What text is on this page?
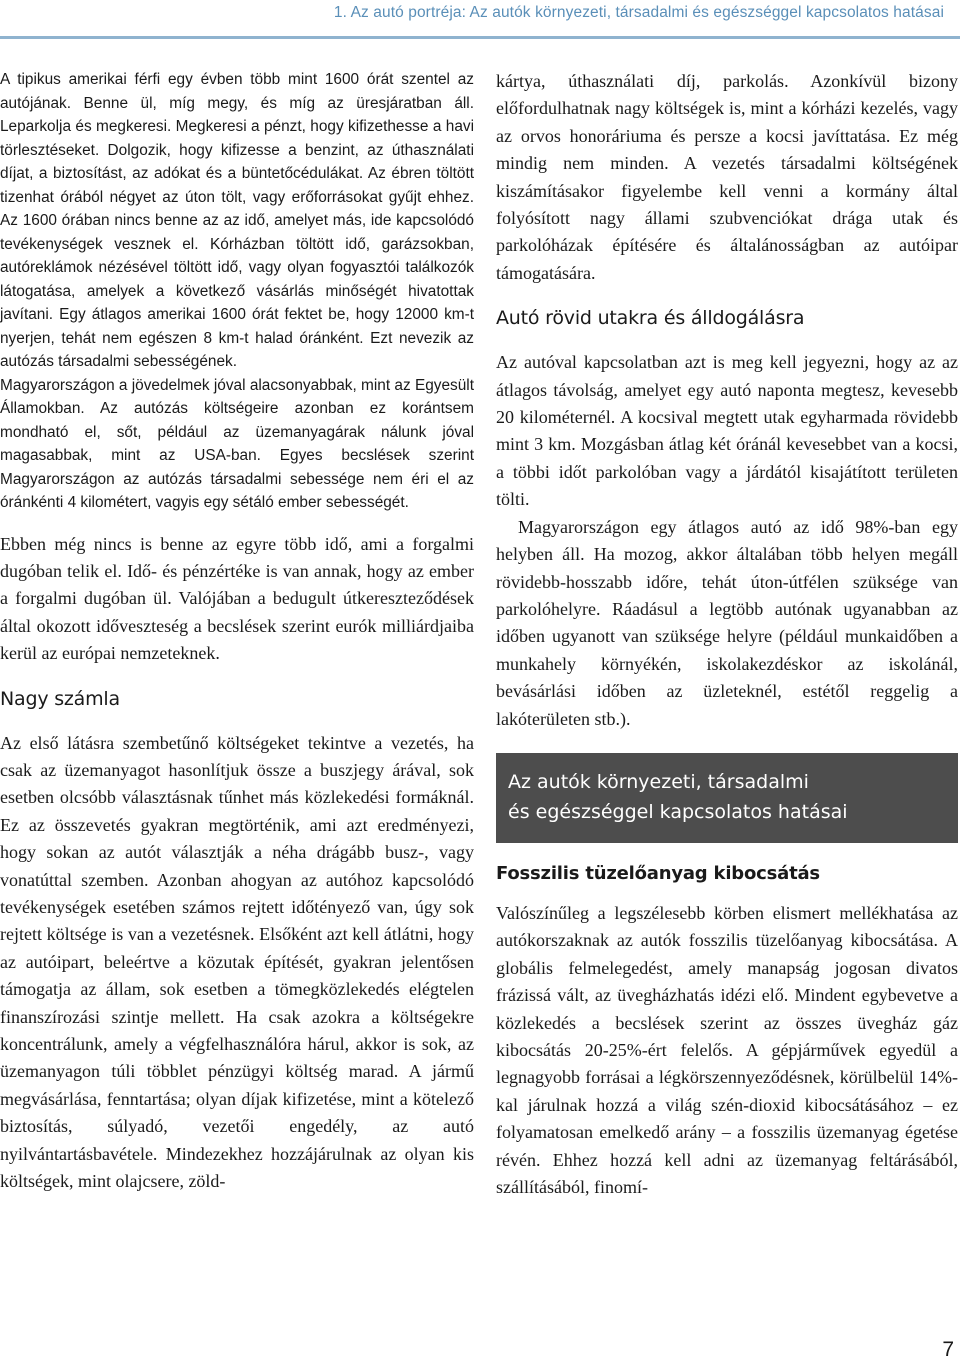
1. Az autó portréja: Az autók környezeti, társadalmi és egészséggel kapcsolatos hatásai

A tipikus amerikai férfi egy évben több mint 1600 órát szentel az autójának. Benne ül, míg megy, és míg az üresjáratban áll. Leparkolja és megkeresi. Megkeresi a pénzt, hogy kifizethesse a havi törlesztéseket. Dolgozik, hogy kifizesse a benzint, az úthasználati díjat, a biztosítást, az adókat és a büntetőcédulákat. Az ébren töltött tizenhat órából négyet az úton tölt, vagy erőforrásokat gyűjt ehhez. Az 1600 órában nincs benne az az idő, amelyet más, ide kapcsolódó tevékenységek vesznek el. Kórházban töltött idő, garázsokban, autóreklámok nézésével töltött idő, vagy olyan fogyasztói találkozók látogatása, amelyek a következő vásárlás minőségét hivatottak javítani. Egy átlagos amerikai 1600 órát fektet be, hogy 12000 km-t nyerjen, tehát nem egészen 8 km-t halad óránként. Ezt nevezik az autózás társadalmi sebességének.

Magyarországon a jövedelmek jóval alacsonyabbak, mint az Egyesült Államokban. Az autózás költségeire azonban ez korántsem mondható el, sőt, például az üzemanyagárak nálunk jóval magasabbak, mint az USA-ban. Egyes becslések szerint Magyarországon az autózás társadalmi sebessége nem éri el az óránkénti 4 kilométert, vagyis egy sétáló ember sebességét.

Ebben még nincs is benne az egyre több idő, ami a forgalmi dugóban telik el. Idő- és pénzértéke is van annak, hogy az ember a forgalmi dugóban ül. Valójában a bedugult útkereszteződések által okozott időveszteség a becslések szerint eurók milliárdjaiba kerül az európai nemzeteknek.

Nagy számla

Az első látásra szembetűnő költségeket tekintve a vezetés, ha csak az üzemanyagot hasonlítjuk össze a buszjegy árával, sok esetben olcsóbb választásnak tűnhet más közlekedési formáknál. Ez az összevetés gyakran megtörténik, ami azt eredményezi, hogy sokan az autót választják a néha drágább busz-, vagy vonatúttal szemben. Azonban ahogyan az autóhoz kapcsolódó tevékenységek esetében számos rejtett időtényező van, úgy sok rejtett költsége is van a vezetésnek. Elsőként azt kell átlátni, hogy az autóipart, beleértve a közutak építését, gyakran jelentősen támogatja az állam, sok esetben a tömegközlekedés elégtelen finanszírozási szintje mellett. Ha csak azokra a költségekre koncentrálunk, amely a végfelhasználóra hárul, akkor is sok, az üzemanyagon túli többlet pénzügyi költség marad. A jármű megvásárlása, fenntartása; olyan díjak kifizetése, mint a kötelező biztosítás, súlyadó, vezetői engedély, az autó nyilvántartásbavétele. Mindezekhez hozzájárulnak az olyan kis költségek, mint olajcsere, zöld-

kártya, úthasználati díj, parkolás. Azonkívül bizony előfordulhatnak nagy költségek is, mint a kórházi kezelés, vagy az orvos honoráriuma és persze a kocsi javíttatása. Ez még mindig nem minden. A vezetés társadalmi költségének kiszámításakor figyelembe kell venni a kormány által folyósított nagy állami szubvenciókat drága utak és parkolóházak építésére és általánosságban az autóipar támogatására.

Autó rövid utakra és álldogálásra

Az autóval kapcsolatban azt is meg kell jegyezni, hogy az az átlagos távolság, amelyet egy autó naponta megtesz, kevesebb 20 kilométernél. A kocsival megtett utak egyharmada rövidebb mint 3 km. Mozgásban átlag két óránál kevesebbet van a kocsi, a többi időt parkolóban vagy a járdától kisajátított területen tölti.

Magyarországon egy átlagos autó az idő 98%-ban egy helyben áll. Ha mozog, akkor általában több helyen megáll rövidebb-hosszabb időre, tehát úton-útfélen szüksége van parkolóhelyre. Ráadásul a legtöbb autónak ugyanabban az időben ugyanott van szüksége helyre (például munkaidőben a munkahely környékén, iskolakezdéskor az iskolánál, bevásárlási időben az üzleteknél, estétől reggelig a lakóterületen stb.).

Az autók környezeti, társadalmi
és egészséggel kapcsolatos hatásai
Fosszilis tüzelőanyag kibocsátás

Valószínűleg a legszélesebb körben elismert mellékhatása az autókorszaknak az autók fosszilis tüzelőanyag kibocsátása. A globális felmelegedést, amely manapság jogosan divatos frázissá vált, az üvegházhatás idézi elő. Mindent egybevetve a közlekedés a becslések szerint az összes üvegház gáz kibocsátás 20-25%-ért felelős. A gépjárművek egyedül a legnagyobb forrásai a légkörszennyeződésnek, körülbelül 14%-kal járulnak hozzá a világ szén-dioxid kibocsátásához – ez folyamatosan emelkedő arány – a fosszilis üzemanyag égetése révén. Ehhez hozzá kell adni az üzemanyag feltárásából, szállításából, finomí-

7
